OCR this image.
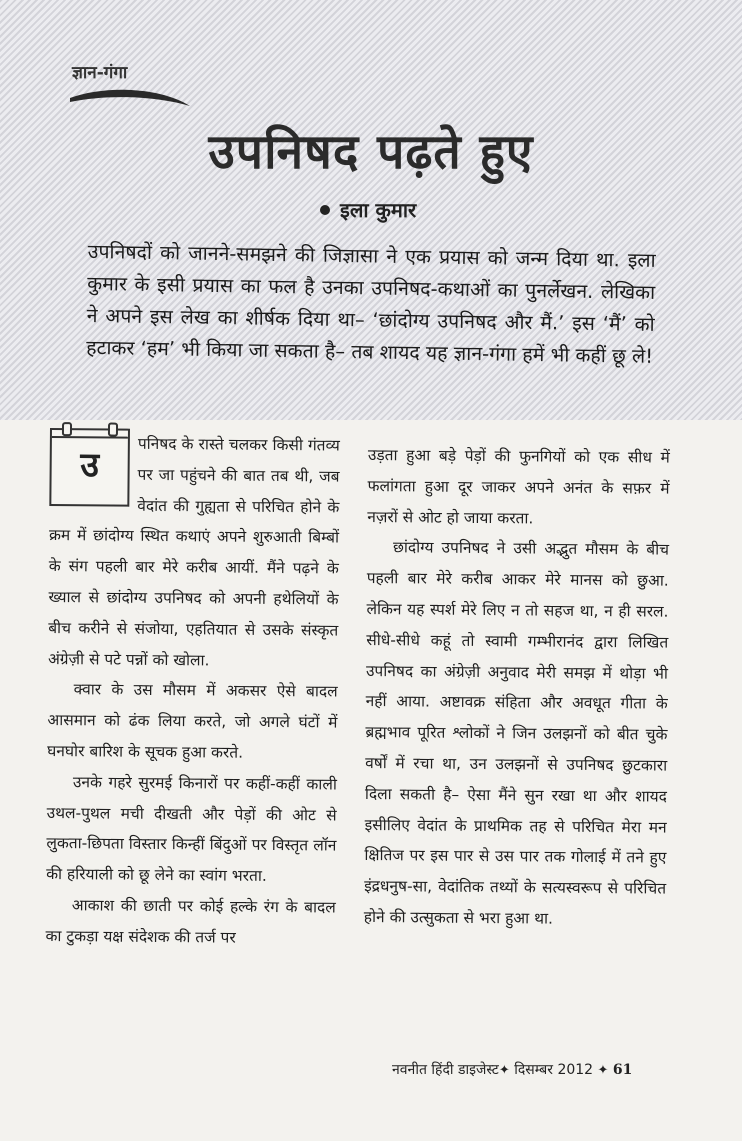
ज्ञान-गंगा
उपनिषद पढ़ते हुए
इला कुमार
उपनिषदों को जानने-समझने की जिज्ञासा ने एक प्रयास को जन्म दिया था. इला कुमार के इसी प्रयास का फल है उनका उपनिषद-कथाओं का पुनर्लेखन. लेखिका ने अपने इस लेख का शीर्षक दिया था– ‘छांदोग्य उपनिषद और मैं.’ इस ‘मैं’ को हटाकर ‘हम’ भी किया जा सकता है– तब शायद यह ज्ञान-गंगा हमें भी कहीं छू ले!
उ

पनिषद के रास्ते चलकर किसी गंतव्य पर जा पहुंचने की बात तब थी, जब वेदांत की गुह्यता से परिचित होने के क्रम में छांदोग्य स्थित कथाएं अपने शुरुआती बिम्बों के संग पहली बार मेरे करीब आयीं. मैंने पढ़ने के ख्याल से छांदोग्य उपनिषद को अपनी हथेलियों के बीच करीने से संजोया, एहतियात से उसके संस्कृत अंग्रेज़ी से पटे पन्नों को खोला.

क्वार के उस मौसम में अकसर ऐसे बादल आसमान को ढंक लिया करते, जो अगले घंटों में घनघोर बारिश के सूचक हुआ करते.

उनके गहरे सुरमई किनारों पर कहीं-कहीं काली उथल-पुथल मची दीखती और पेड़ों की ओट से लुकता-छिपता विस्तार किन्हीं बिंदुओं पर विस्तृत लॉन की हरियाली को छू लेने का स्वांग भरता.

आकाश की छाती पर कोई हल्के रंग के बादल का टुकड़ा यक्ष संदेशक की तर्ज पर

उड़ता हुआ बड़े पेड़ों की फुनगियों को एक सीध में फलांगता हुआ दूर जाकर अपने अनंत के सफ़र में नज़रों से ओट हो जाया करता.

छांदोग्य उपनिषद ने उसी अद्भुत मौसम के बीच पहली बार मेरे करीब आकर मेरे मानस को छुआ. लेकिन यह स्पर्श मेरे लिए न तो सहज था, न ही सरल. सीधे-सीधे कहूं तो स्वामी गम्भीरानंद द्वारा लिखित उपनिषद का अंग्रेज़ी अनुवाद मेरी समझ में थोड़ा भी नहीं आया. अष्टावक्र संहिता और अवधूत गीता के ब्रह्मभाव पूरित श्लोकों ने जिन उलझनों को बीत चुके वर्षों में रचा था, उन उलझनों से उपनिषद छुटकारा दिला सकती है– ऐसा मैंने सुन रखा था और शायद इसीलिए वेदांत के प्राथमिक तह से परिचित मेरा मन क्षितिज पर इस पार से उस पार तक गोलाई में तने हुए इंद्रधनुष-सा, वेदांतिक तथ्यों के सत्यस्वरूप से परिचित होने की उत्सुकता से भरा हुआ था.

नवनीत हिंदी डाइजेस्ट✦ दिसम्बर 2012 ✦ 61
